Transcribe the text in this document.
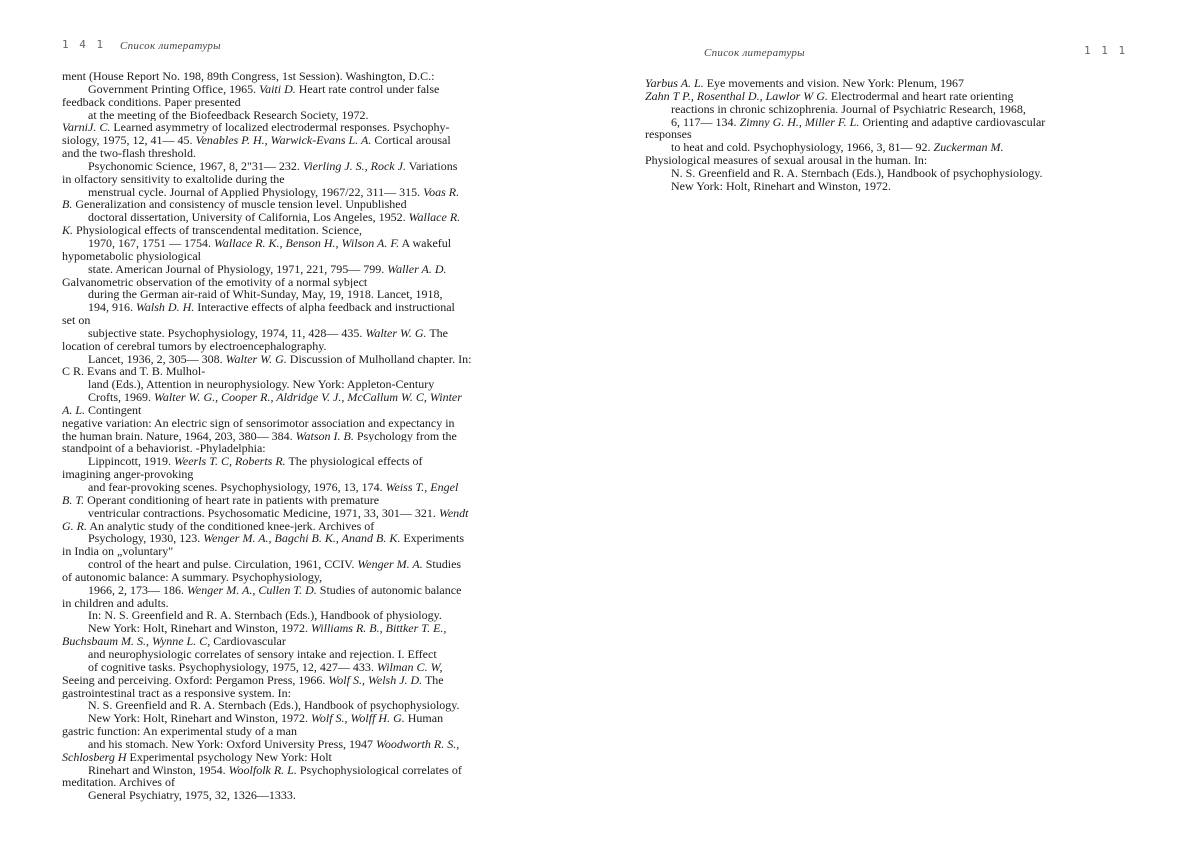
1 4 1 Список литературы
ment (House Report No. 198, 89th Congress, 1st Session). Washington, D.C.:
Government Printing Office, 1965. Vaiti D. Heart rate control under false
feedback conditions. Paper presented
at the meeting of the Biofeedback Research Society, 1972.
VarniJ. C. Learned asymmetry of localized electrodermal responses. Psychophy-
siology, 1975, 12, 41— 45. Venables P. H., Warwick-Evans L. A. Cortical arousal
and the two-flash threshold.
Psychonomic Science, 1967, 8, 2"31— 232. Vierling J. S., Rock J. Variations
in olfactory sensitivity to exaltolide during the
menstrual cycle. Journal of Applied Physiology, 1967/22, 311— 315. Voas R.
B. Generalization and consistency of muscle tension level. Unpublished
doctoral dissertation, University of California, Los Angeles, 1952. Wallace R.
K. Physiological effects of transcendental meditation. Science,
1970, 167, 1751 — 1754. Wallace R. K., Benson H., Wilson A. F. A wakeful
hypometabolic physiological
state. American Journal of Physiology, 1971, 221, 795— 799. Waller A. D.
Galvanometric observation of the emotivity of a normal sybject
during the German air-raid of Whit-Sunday, May, 19, 1918. Lancet, 1918,
194, 916. Walsh D. H. Interactive effects of alpha feedback and instructional
set on
subjective state. Psychophysiology, 1974, 11, 428— 435. Walter W. G. The
location of cerebral tumors by electroencephalography.
Lancet, 1936, 2, 305— 308. Walter W. G. Discussion of Mulholland chapter. In:
C R. Evans and T. B. Mulhol-
land (Eds.), Attention in neurophysiology. New York: Appleton-Century
Crofts, 1969. Walter W. G., Cooper R., Aldridge V. J., McCallum W. C, Winter
A. L. Contingent
negative variation: An electric sign of sensorimotor association and expectancy in
the human brain. Nature, 1964, 203, 380— 384. Watson I. B. Psychology from the
standpoint of a behaviorist. -Phyladelphia:
Lippincott, 1919. Weerls T. C, Roberts R. The physiological effects of
imagining anger-provoking
and fear-provoking scenes. Psychophysiology, 1976, 13, 174. Weiss T., Engel
B. T. Operant conditioning of heart rate in patients with premature
ventricular contractions. Psychosomatic Medicine, 1971, 33, 301— 321. Wendt
G. R. An analytic study of the conditioned knee-jerk. Archives of
Psychology, 1930, 123. Wenger M. A., Bagchi B. K., Anand B. K. Experiments
in India on „voluntary"
control of the heart and pulse. Circulation, 1961, CCIV. Wenger M. A. Studies
of autonomic balance: A summary. Psychophysiology,
1966, 2, 173— 186. Wenger M. A., Cullen T. D. Studies of autonomic balance
in children and adults.
In: N. S. Greenfield and R. A. Sternbach (Eds.), Handbook of physiology.
New York: Holt, Rinehart and Winston, 1972. Williams R. B., Bittker T. E.,
Buchsbaum M. S., Wynne L. C, Cardiovascular
and neurophysiologic correlates of sensory intake and rejection. I. Effect
of cognitive tasks. Psychophysiology, 1975, 12, 427— 433. Wilman C. W,
Seeing and perceiving. Oxford: Pergamon Press, 1966. Wolf S., Welsh J. D. The
gastrointestinal tract as a responsive system. In:
N. S. Greenfield and R. A. Sternbach (Eds.), Handbook of psychophysiology.
New York: Holt, Rinehart and Winston, 1972. Wolf S., Wolff H. G. Human
gastric function: An experimental study of a man
and his stomach. New York: Oxford University Press, 1947 Woodworth R. S.,
Schlosberg H Experimental psychology New York: Holt
Rinehart and Winston, 1954. Woolfolk R. L. Psychophysiological correlates of
meditation. Archives of
General Psychiatry, 1975, 32, 1326—1333.
Список литературы	1 1 1
Yarbus A. L. Eye movements and vision. New York: Plenum, 1967
Zahn T P., Rosenthal D., Lawlor W G. Electrodermal and heart rate orienting
reactions in chronic schizophrenia. Journal of Psychiatric Research, 1968,
6, 117— 134. Zimny G. H., Miller F. L. Orienting and adaptive cardiovascular
responses
to heat and cold. Psychophysiology, 1966, 3, 81— 92. Zuckerman M.
Physiological measures of sexual arousal in the human. In:
N. S. Greenfield and R. A. Sternbach (Eds.), Handbook of psychophysiology.
New York: Holt, Rinehart and Winston, 1972.
